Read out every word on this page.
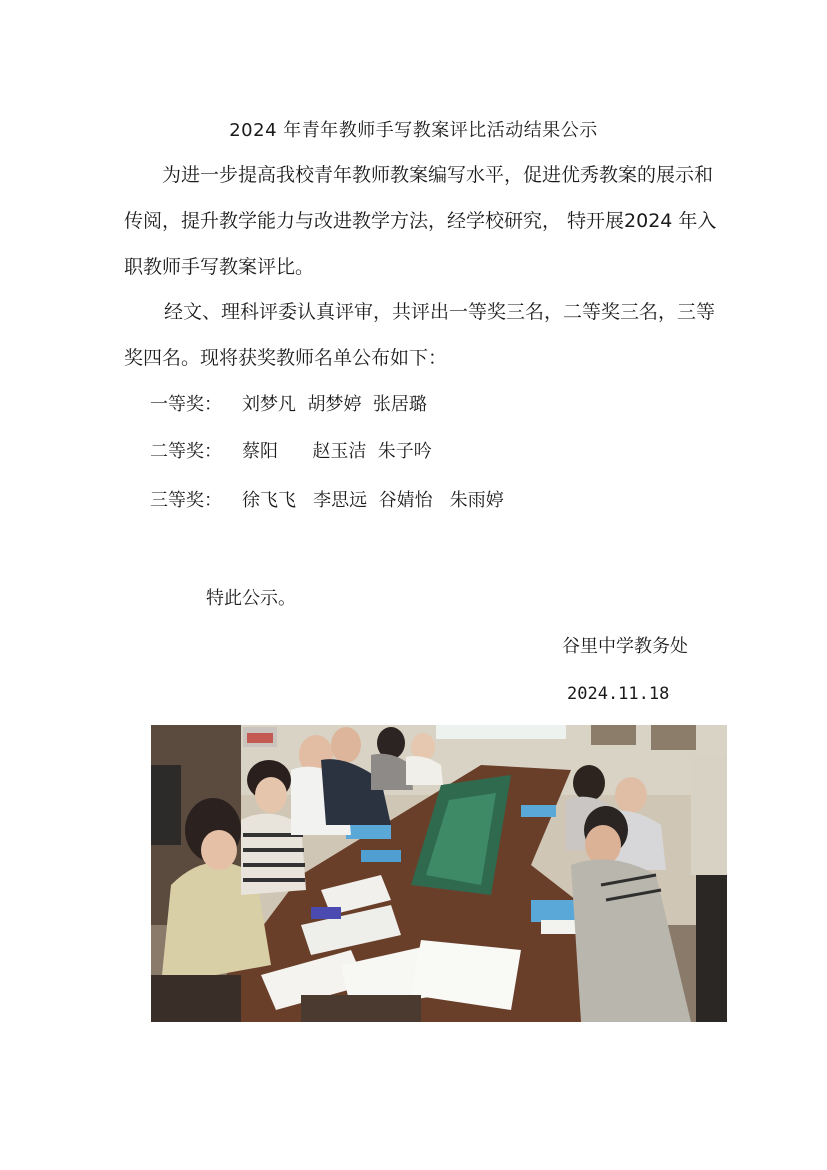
2024 年青年教师手写教案评比活动结果公示

为进一步提高我校青年教师教案编写水平，促进优秀教案的展示和传阅，提升教学能力与改进教学方法，经学校研究， 特开展2024 年入职教师手写教案评比。

经文、理科评委认真评审，共评出一等奖三名，二等奖三名，三等奖四名。现将获奖教师名单公布如下：

一等奖： 刘梦凡  胡梦婷  张居璐
二等奖： 蔡阳      赵玉洁  朱子吟
三等奖： 徐飞飞   李思远  谷婧怡   朱雨婷
特此公示。
谷里中学教务处
2024.11.18
